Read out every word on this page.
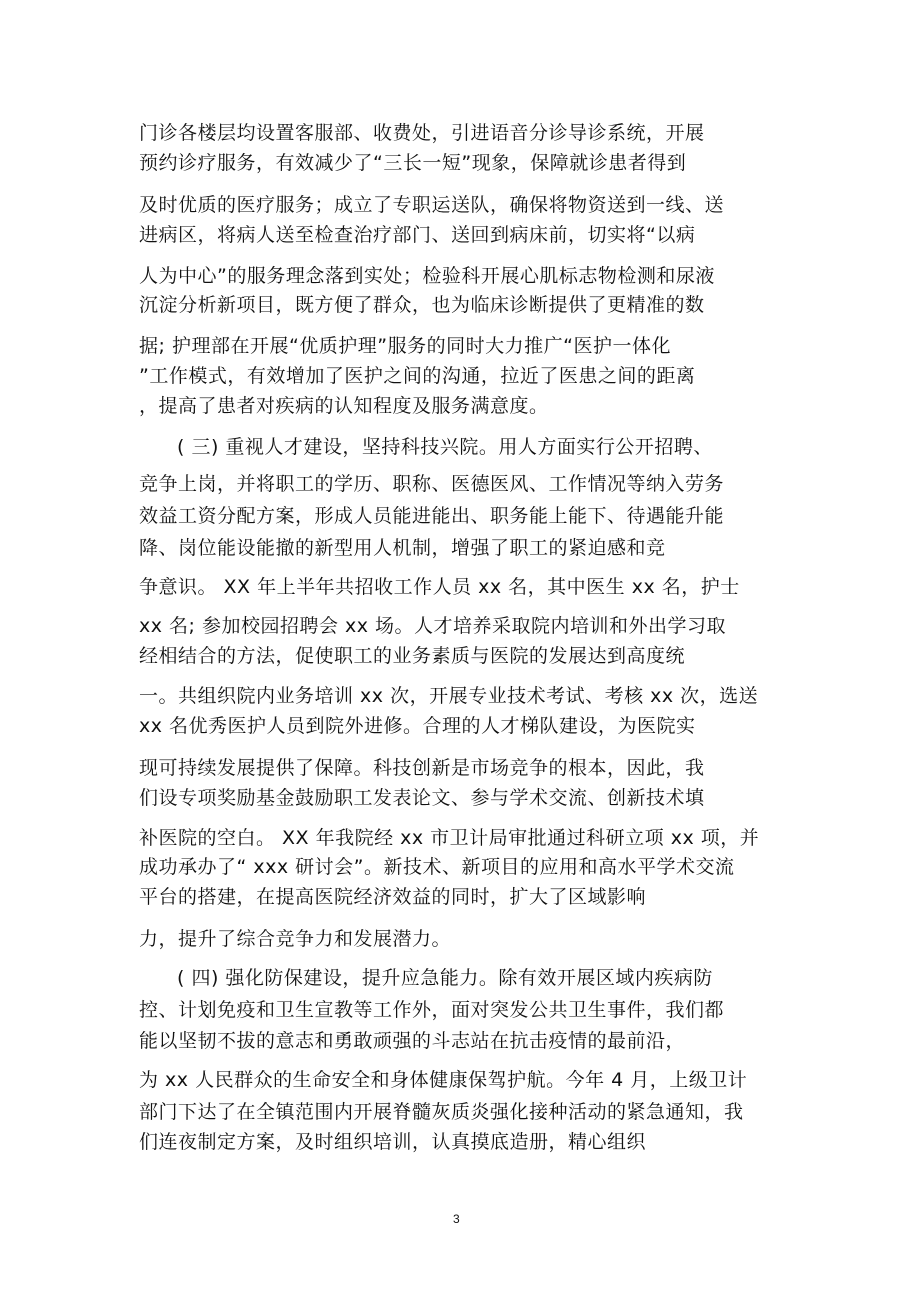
门诊各楼层均设置客服部、收费处，引进语音分诊导诊系统，开展
预约诊疗服务，有效减少了“三长一短”现象，保障就诊患者得到
及时优质的医疗服务；成立了专职运送队，确保将物资送到一线、送
进病区，将病人送至检查治疗部门、送回到病床前，切实将“以病
人为中心”的服务理念落到实处；检验科开展心肌标志物检测和尿液
沉淀分析新项目，既方便了群众，也为临床诊断提供了更精准的数
据; 护理部在开展“优质护理”服务的同时大力推广“医护一体化
”工作模式，有效增加了医护之间的沟通，拉近了医患之间的距离
，提高了患者对疾病的认知程度及服务满意度。
( 三) 重视人才建设，坚持科技兴院。用人方面实行公开招聘、
竞争上岗，并将职工的学历、职称、医德医风、工作情况等纳入劳务
效益工资分配方案，形成人员能进能出、职务能上能下、待遇能升能
降、岗位能设能撤的新型用人机制，增强了职工的紧迫感和竞
争意识。 XX 年上半年共招收工作人员 xx 名，其中医生 xx 名，护士
xx 名; 参加校园招聘会 xx 场。人才培养采取院内培训和外出学习取
经相结合的方法，促使职工的业务素质与医院的发展达到高度统
一。共组织院内业务培训 xx 次，开展专业技术考试、考核 xx 次，选送
xx 名优秀医护人员到院外进修。合理的人才梯队建设，为医院实
现可持续发展提供了保障。科技创新是市场竞争的根本，因此，我
们设专项奖励基金鼓励职工发表论文、参与学术交流、创新技术填
补医院的空白。 XX 年我院经 xx 市卫计局审批通过科研立项 xx 项，并
成功承办了“ xxx 研讨会”。新技术、新项目的应用和高水平学术交流
平台的搭建，在提高医院经济效益的同时，扩大了区域影响
力，提升了综合竞争力和发展潜力。
( 四) 强化防保建设，提升应急能力。除有效开展区域内疾病防
控、计划免疫和卫生宣教等工作外，面对突发公共卫生事件，我们都
能以坚韧不拔的意志和勇敢顽强的斗志站在抗击疫情的最前沿，
为 xx 人民群众的生命安全和身体健康保驾护航。今年 4 月，上级卫计
部门下达了在全镇范围内开展脊髓灰质炎强化接种活动的紧急通知，我
们连夜制定方案，及时组织培训，认真摸底造册，精心组织
3
